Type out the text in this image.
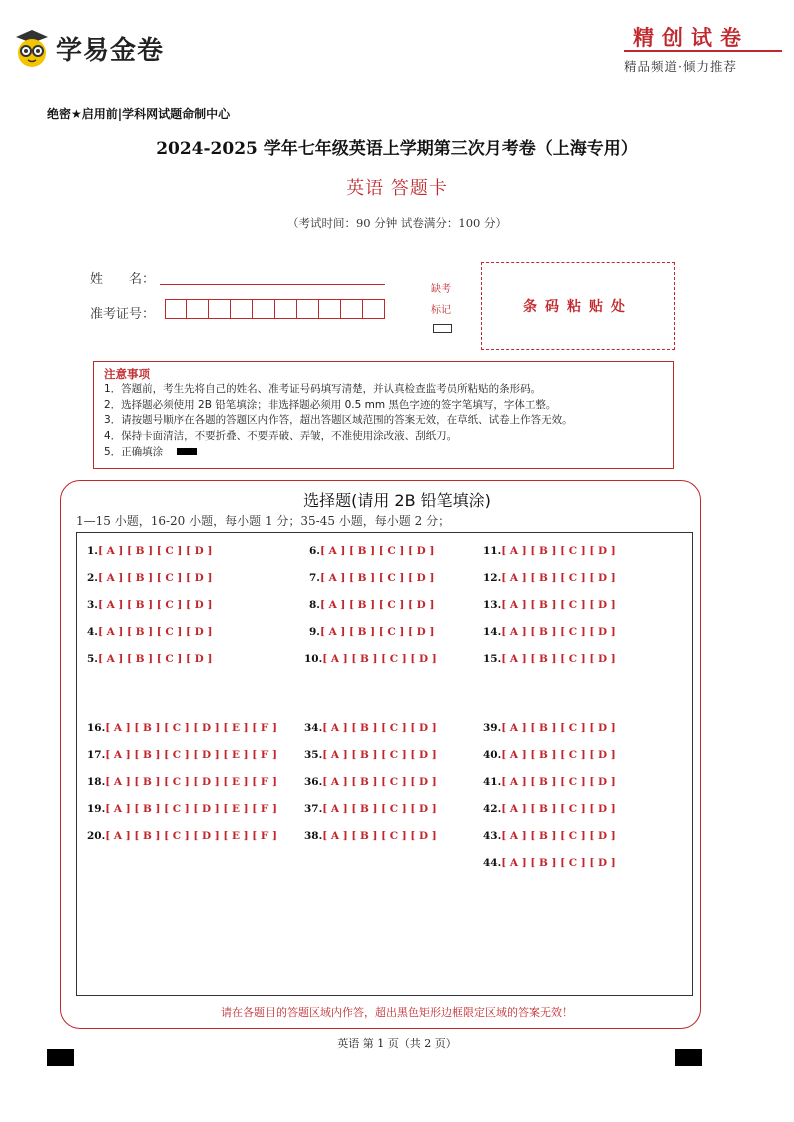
学易金卷	精创试卷
精品频道·倾力推荐
绝密★启用前|学科网试题命制中心
2024-2025 学年七年级英语上学期第三次月考卷（上海专用）
英语 答题卡
（考试时间：90 分钟 试卷满分：100 分）
姓　　名：
准考证号：
缺考
标记	条码粘贴处
注意事项
1．答题前，考生先将自己的姓名、准考证号码填写清楚，并认真检查监考员所粘贴的条形码。
2．选择题必须使用 2B 铅笔填涂；非选择题必须用 0.5 mm 黑色字迹的签字笔填写，字体工整。
3．请按题号顺序在各题的答题区内作答，超出答题区域范围的答案无效，在草纸、试卷上作答无效。
4．保持卡面清洁，不要折叠、不要弄破、弄皱，不准使用涂改液、刮纸刀。
5．正确填涂
选择题(请用 2B 铅笔填涂)
1—15 小题，16-20 小题，每小题 1 分；35-45 小题，每小题 2 分；
1.[ A ] [ B ] [ C ] [ D ]
2.[ A ] [ B ] [ C ] [ D ]
3.[ A ] [ B ] [ C ] [ D ]
4.[ A ] [ B ] [ C ] [ D ]
5.[ A ] [ B ] [ C ] [ D ]
6.[ A ] [ B ] [ C ] [ D ]
7.[ A ] [ B ] [ C ] [ D ]
8.[ A ] [ B ] [ C ] [ D ]
9.[ A ] [ B ] [ C ] [ D ]
10.[ A ] [ B ] [ C ] [ D ]
11.[ A ] [ B ] [ C ] [ D ]
12.[ A ] [ B ] [ C ] [ D ]
13.[ A ] [ B ] [ C ] [ D ]
14.[ A ] [ B ] [ C ] [ D ]
15.[ A ] [ B ] [ C ] [ D ]
16.[ A ] [ B ] [ C ] [ D ] [ E ] [ F ]
17.[ A ] [ B ] [ C ] [ D ] [ E ] [ F ]
18.[ A ] [ B ] [ C ] [ D ] [ E ] [ F ]
19.[ A ] [ B ] [ C ] [ D ] [ E ] [ F ]
20.[ A ] [ B ] [ C ] [ D ] [ E ] [ F ]
34.[ A ] [ B ] [ C ] [ D ]
35.[ A ] [ B ] [ C ] [ D ]
36.[ A ] [ B ] [ C ] [ D ]
37.[ A ] [ B ] [ C ] [ D ]
38.[ A ] [ B ] [ C ] [ D ]
39.[ A ] [ B ] [ C ] [ D ]
40.[ A ] [ B ] [ C ] [ D ]
41.[ A ] [ B ] [ C ] [ D ]
42.[ A ] [ B ] [ C ] [ D ]
43.[ A ] [ B ] [ C ] [ D ]
44.[ A ] [ B ] [ C ] [ D ]
请在各题目的答题区域内作答，超出黑色矩形边框限定区域的答案无效！
英语 第 1 页（共 2 页）
